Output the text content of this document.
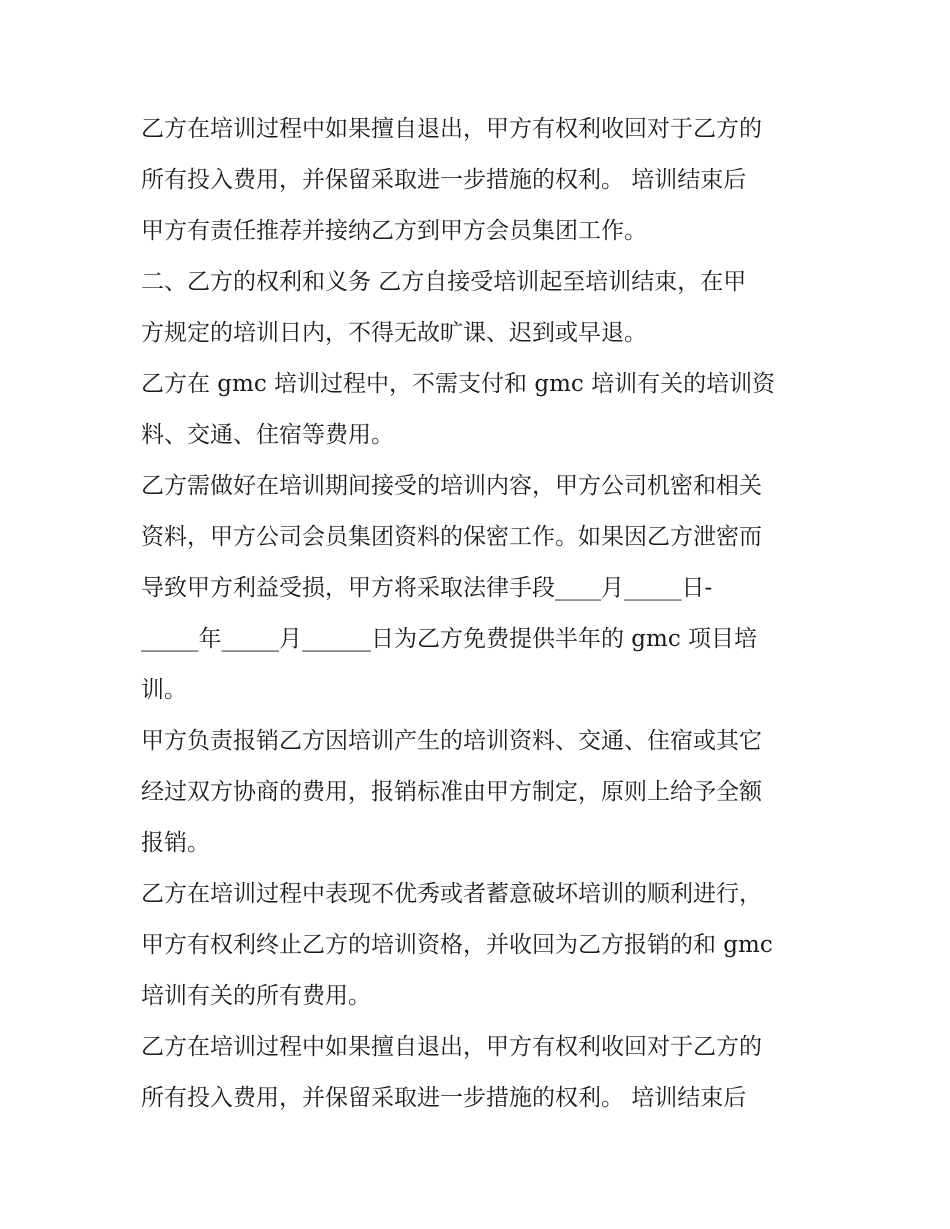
乙方在培训过程中如果擅自退出，甲方有权利收回对于乙方的
所有投入费用，并保留采取进一步措施的权利。 培训结束后
甲方有责任推荐并接纳乙方到甲方会员集团工作。
二、乙方的权利和义务 乙方自接受培训起至培训结束，在甲
方规定的培训日内，不得无故旷课、迟到或早退。
乙方在 gmc 培训过程中，不需支付和 gmc 培训有关的培训资
料、交通、住宿等费用。
乙方需做好在培训期间接受的培训内容，甲方公司机密和相关
资料，甲方公司会员集团资料的保密工作。如果因乙方泄密而
导致甲方利益受损，甲方将采取法律手段____月_____日-
_____年_____月______日为乙方免费提供半年的 gmc 项目培
训。
甲方负责报销乙方因培训产生的培训资料、交通、住宿或其它
经过双方协商的费用，报销标准由甲方制定，原则上给予全额
报销。
乙方在培训过程中表现不优秀或者蓄意破坏培训的顺利进行，
甲方有权利终止乙方的培训资格，并收回为乙方报销的和 gmc
培训有关的所有费用。
乙方在培训过程中如果擅自退出，甲方有权利收回对于乙方的
所有投入费用，并保留采取进一步措施的权利。 培训结束后
